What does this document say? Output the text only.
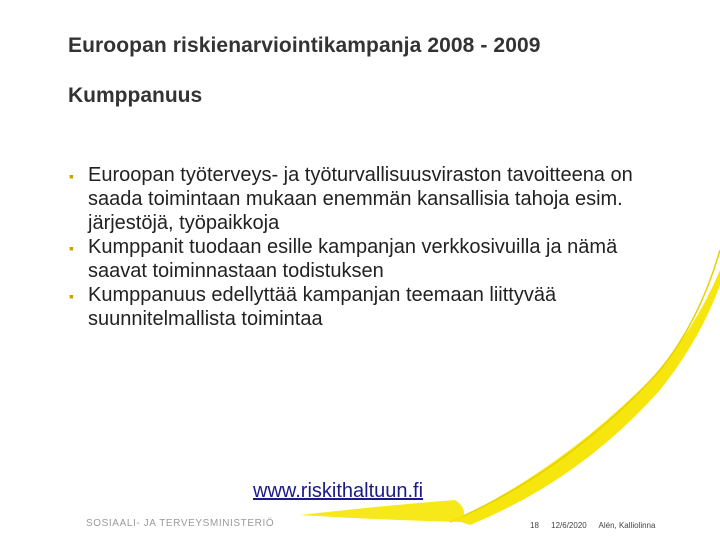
Euroopan riskienarviointikampanja 2008 - 2009
Kumppanuus
▪ Euroopan työterveys- ja työturvallisuusviraston tavoitteena on saada toimintaan mukaan enemmän kansallisia tahoja esim. järjestöjä, työpaikkoja
▪ Kumppanit tuodaan esille kampanjan verkkosivuilla ja nämä saavat toiminnastaan todistuksen
▪ Kumppanuus edellyttää kampanjan teemaan liittyvää suunnitelmallista toimintaa
www.riskithaltuun.fi
SOSIAALI- JA TERVEYSMINISTERIÖ	18 12/6/2020 Alén, Kalliolinna
